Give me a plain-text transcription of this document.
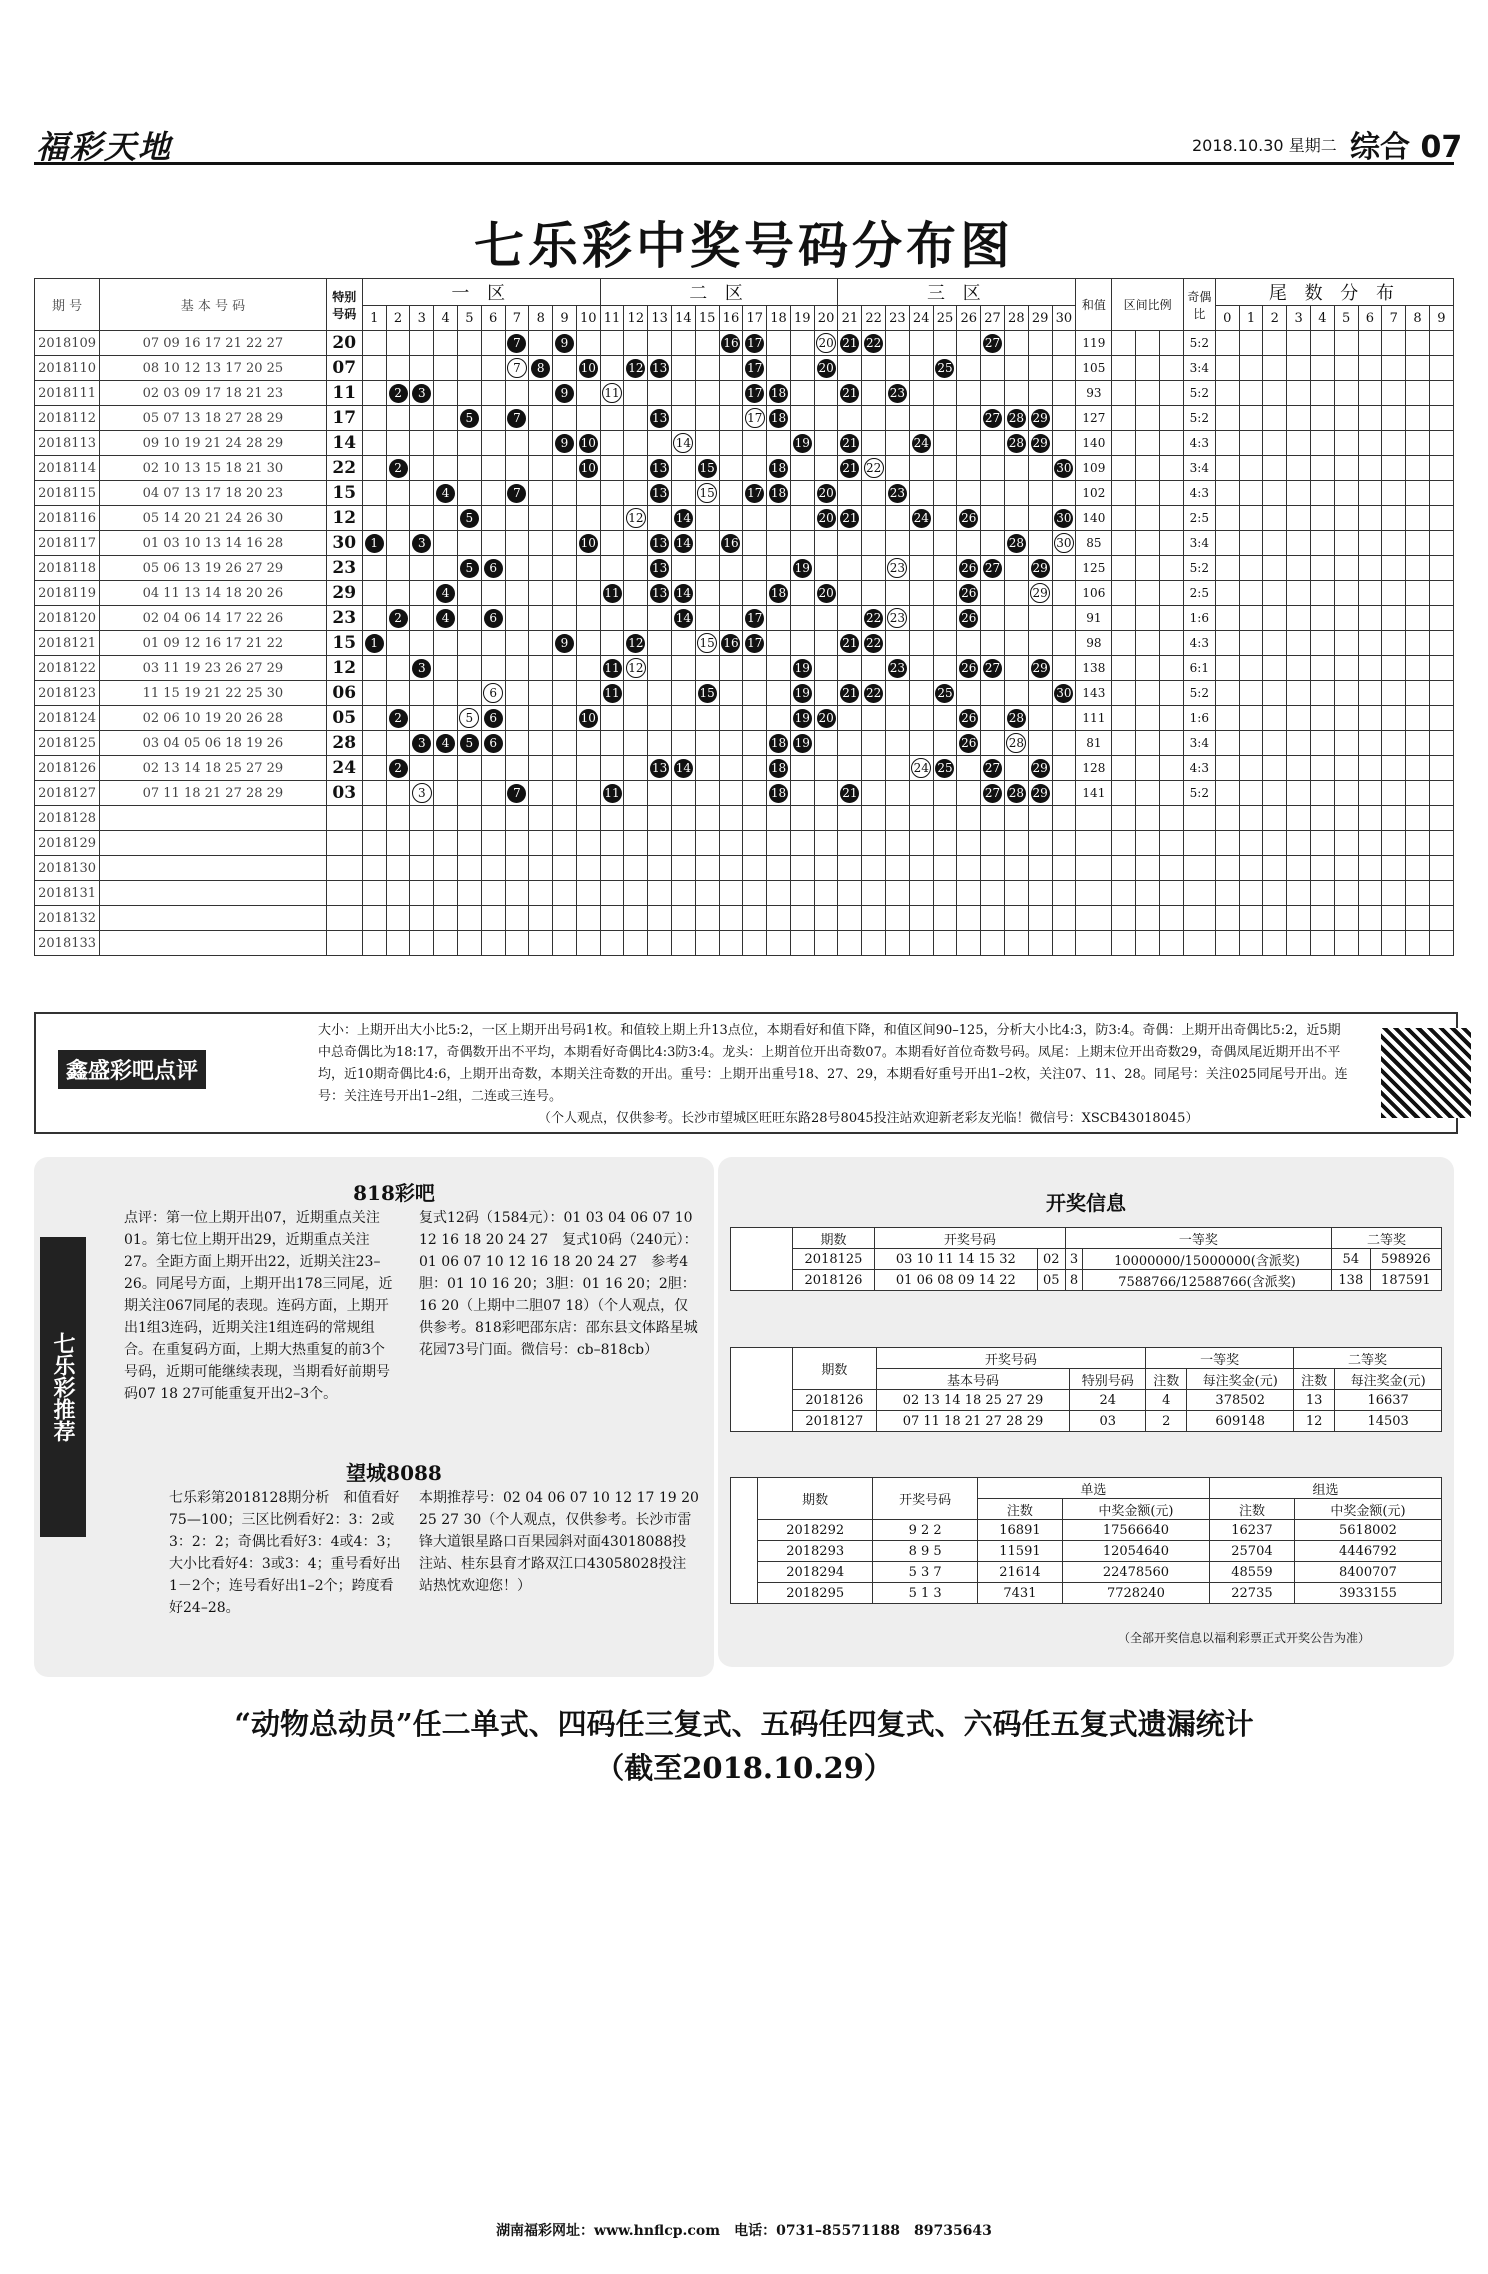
福彩天地	2018.10.30 星期二 综合 07
七乐彩中奖号码分布图
期 号	基 本 号 码	特别号码	一 区										二 区										三 区										和值	区间比例			奇偶比	尾 数 分 布									
			1	2	3	4	5	6	7	8	9	10	11	12	13	14	15	16	17	18	19	20	21	22	23	24	25	26	27	28	29	30						0	1	2	3	4	5	6	7	8	9
2018109	07 09 16 17 21 22 27	20							7		9							16	17			20	21	22					27				119				5:2										
2018110	08 10 12 13 17 20 25	07							7	8		10		12	13				17			20					25						105				3:4										
2018111	02 03 09 17 18 21 23	11		2	3						9		11						17	18			21		23								93				5:2										
2018112	05 07 13 18 27 28 29	17					5		7						13				17	18									27	28	29		127				5:2										
2018113	09 10 19 21 24 28 29	14									9	10				14					19		21			24				28	29		140				4:3										
2018114	02 10 13 15 18 21 30	22		2								10			13		15			18			21	22								30	109				3:4										
2018115	04 07 13 17 18 20 23	15				4			7						13		15		17	18		20			23								102				4:3										
2018116	05 14 20 21 24 26 30	12					5							12		14						20	21			24		26				30	140				2:5										
2018117	01 03 10 13 14 16 28	30	1		3							10			13	14		16												28		30	85				3:4										
2018118	05 06 13 19 26 27 29	23					5	6							13						19				23			26	27		29		125				5:2										
2018119	04 11 13 14 18 20 26	29				4							11		13	14				18		20						26			29		106				2:5										
2018120	02 04 06 14 17 22 26	23		2		4		6								14			17					22	23			26					91				1:6										
2018121	01 09 12 16 17 21 22	15	1								9			12			15	16	17				21	22									98				4:3										
2018122	03 11 19 23 26 27 29	12			3								11	12							19				23			26	27		29		138				6:1										
2018123	11 15 19 21 22 25 30	06						6					11				15				19		21	22			25					30	143				5:2										
2018124	02 06 10 19 20 26 28	05		2			5	6				10									19	20						26		28			111				1:6										
2018125	03 04 05 06 18 19 26	28			3	4	5	6												18	19							26		28			81				3:4										
2018126	02 13 14 18 25 27 29	24		2											13	14				18						24	25		27		29		128				4:3										
2018127	07 11 18 21 27 28 29	03			3				7				11							18			21						27	28	29		141				5:2										
2018128																																															
2018129																																															
2018130																																															
2018131																																															
2018132																																															
2018133																																															
鑫盛彩吧点评
大小：上期开出大小比5:2，一区上期开出号码1枚。和值较上期上升13点位，本期看好和值下降，和值区间90–125，分析大小比4:3，防3:4。奇偶：上期开出奇偶比5:2，近5期中总奇偶比为18:17，奇偶数开出不平均，本期看好奇偶比4:3防3:4。龙头：上期首位开出奇数07。本期看好首位奇数号码。凤尾：上期末位开出奇数29，奇偶凤尾近期开出不平均，近10期奇偶比4:6，上期开出奇数，本期关注奇数的开出。重号：上期开出重号18、27、29，本期看好重号开出1–2枚，关注07、11、28。同尾号：关注025同尾号开出。连号：关注连号开出1–2组，二连或三连号。
（个人观点，仅供参考。长沙市望城区旺旺东路28号8045投注站欢迎新老彩友光临！微信号：XSCB43018045）
七乐彩推荐
818彩吧
点评：第一位上期开出07，近期重点关注01。第七位上期开出29，近期重点关注27。全距方面上期开出22，近期关注23–26。同尾号方面，上期开出178三同尾，近期关注067同尾的表现。连码方面，上期开出1组3连码，近期关注1组连码的常规组合。在重复码方面，上期大热重复的前3个号码，近期可能继续表现，当期看好前期号码07 18 27可能重复开出2–3个。
复式12码（1584元）：01 03 04 06 07 10 12 16 18 20 24 27　复式10码（240元）：01 06 07 10 12 16 18 20 24 27　参考4胆：01 10 16 20；3胆：01 16 20；2胆：16 20（上期中二胆07 18）（个人观点，仅供参考。818彩吧邵东店：邵东县文体路星城花园73号门面。微信号：cb–818cb）
望城8088
七乐彩第2018128期分析　和值看好75—100；三区比例看好2：3：2或3：2：2；奇偶比看好3：4或4：3；大小比看好4：3或3：4；重号看好出1－2个；连号看好出1–2个；跨度看好24–28。
本期推荐号：02 04 06 07 10 12 17 19 20 25 27 30（个人观点，仅供参考。长沙市雷锋大道银星路口百果园斜对面43018088投注站、桂东县育才路双江口43058028投注站热忱欢迎您！）
开奖信息
双色球	期数	开奖号码		一等奖		二等奖	
	2018125	03 10 11 14 15 32	02	3	10000000/15000000(含派奖)	54	598926
	2018126	01 06 08 09 14 22	05	8	7588766/12588766(含派奖)	138	187591
七乐彩	期数	开奖号码		一等奖		二等奖	
		基本号码	特别号码	注数	每注奖金(元)	注数	每注奖金(元)
	2018126	02 13 14 18 25 27 29	24	4	378502	13	16637
	2018127	07 11 18 21 27 28 29	03	2	609148	12	14503
3D	期数	开奖号码	单选		组选	
			注数	中奖金额(元)	注数	中奖金额(元)
	2018292	9 2 2	16891	17566640	16237	5618002
	2018293	8 9 5	11591	12054640	25704	4446792
	2018294	5 3 7	21614	22478560	48559	8400707
	2018295	5 1 3	7431	7728240	22735	3933155
（全部开奖信息以福利彩票正式开奖公告为准）
“动物总动员”任二单式、四码任三复式、五码任四复式、六码任五复式遗漏统计
（截至2018.10.29）
湖南福彩网址：www.hnflcp.com　电话：0731–85571188　89735643
